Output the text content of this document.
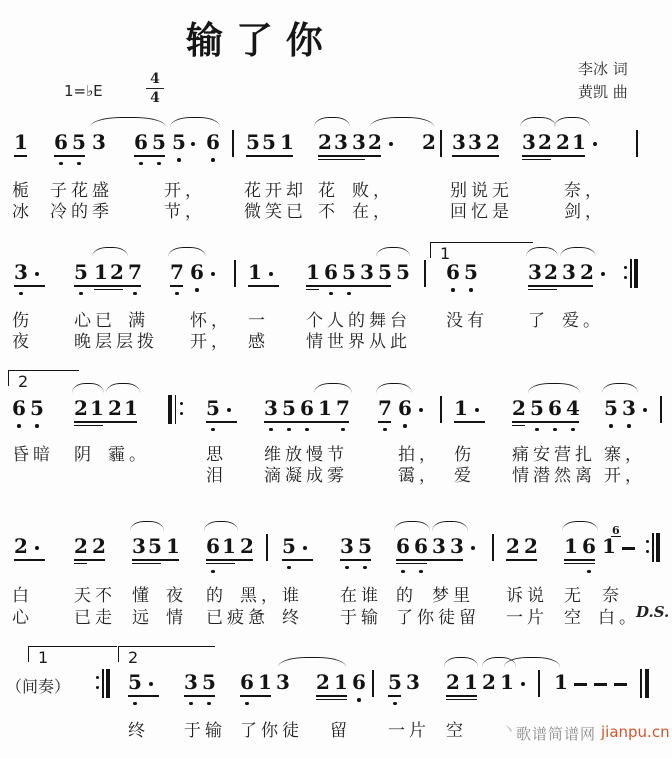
输 了 你
李冰 词
黄凯 曲
1=♭E	$\frac{4}{4}$
1 6 5 3 6 5 5 6 5 5 1 2 3 3 2 2 3 3 2 3 2 2 1
栀 子花盛	开， 花开却 花 败，	别说无	奈，
冰 冷的季	节， 微笑已 不 在，	回忆是	剑，
3 5 1 2 7 7 6 1 1 6 5 3 5 5 6 5	3 2 3 2
1
伤 心已 满 怀， 一 个人的舞台 没有 了 爱。
夜 晚层层拨 开， 感 情世界从此
6 5 2 1 2 1	5 3 5 6 1 7 7 6 1 2 5 6 4 5 3
2
昏暗 阴 霾。	思 维放慢节	拍， 伤 痛安营扎 寨，
泪 滴凝成雾	霭， 爱 情潜然离 开，
2 2 2 3 5 1 6 1 2 5 3 5 6 6 3 3 2 2 1 6 1
6
白 天不 懂 夜 的 黑， 谁 在谁 的 梦里 诉说 无 奈
心 已走 远 情 已疲惫 终 于输 了你徒留 一片 空 白。
D.S.
（间奏）	5 3 5 6 1 3 2 1 6 5 3 2 1 2 1 1
1	2
终 于输 了你徒 留 一片 空 丶
歌谱简谱网 jianpu.cn
